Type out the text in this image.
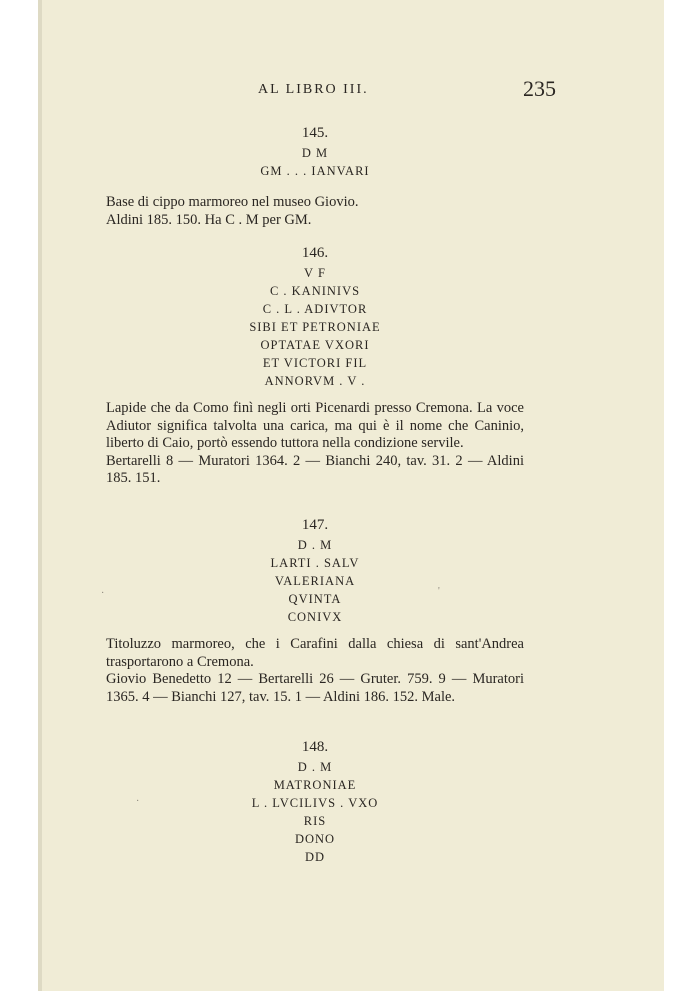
AL LIBRO III.	235
145.
D M
GM . . . IANVARI

Base di cippo marmoreo nel museo Giovio.

Aldini 185. 150. Ha C . M per GM.

146.
V F
C . KANINIVS
C . L . ADIVTOR
SIBI ET PETRONIAE
OPTATAE VXORI
ET VICTORI FIL
ANNORVM . V .

Lapide che da Como finì negli orti Picenardi presso Cremona. La voce Adiutor significa talvolta una carica, ma qui è il nome che Caninio, liberto di Caio, portò essendo tuttora nella condizione servile.

Bertarelli 8 — Muratori 1364. 2 — Bianchi 240, tav. 31. 2 — Aldini 185. 151.

147.
D . M
LARTI . SALV
VALERIANA
QVINTA
CONIVX

Titoluzzo marmoreo, che i Carafini dalla chiesa di sant'Andrea trasportarono a Cremona.

Giovio Benedetto 12 — Bertarelli 26 — Gruter. 759. 9 — Muratori 1365. 4 — Bianchi 127, tav. 15. 1 — Aldini 186. 152. Male.

148.
D . M
MATRONIAE
L . LVCILIVS . VXO
RIS
DONO
DD
·	'
·
